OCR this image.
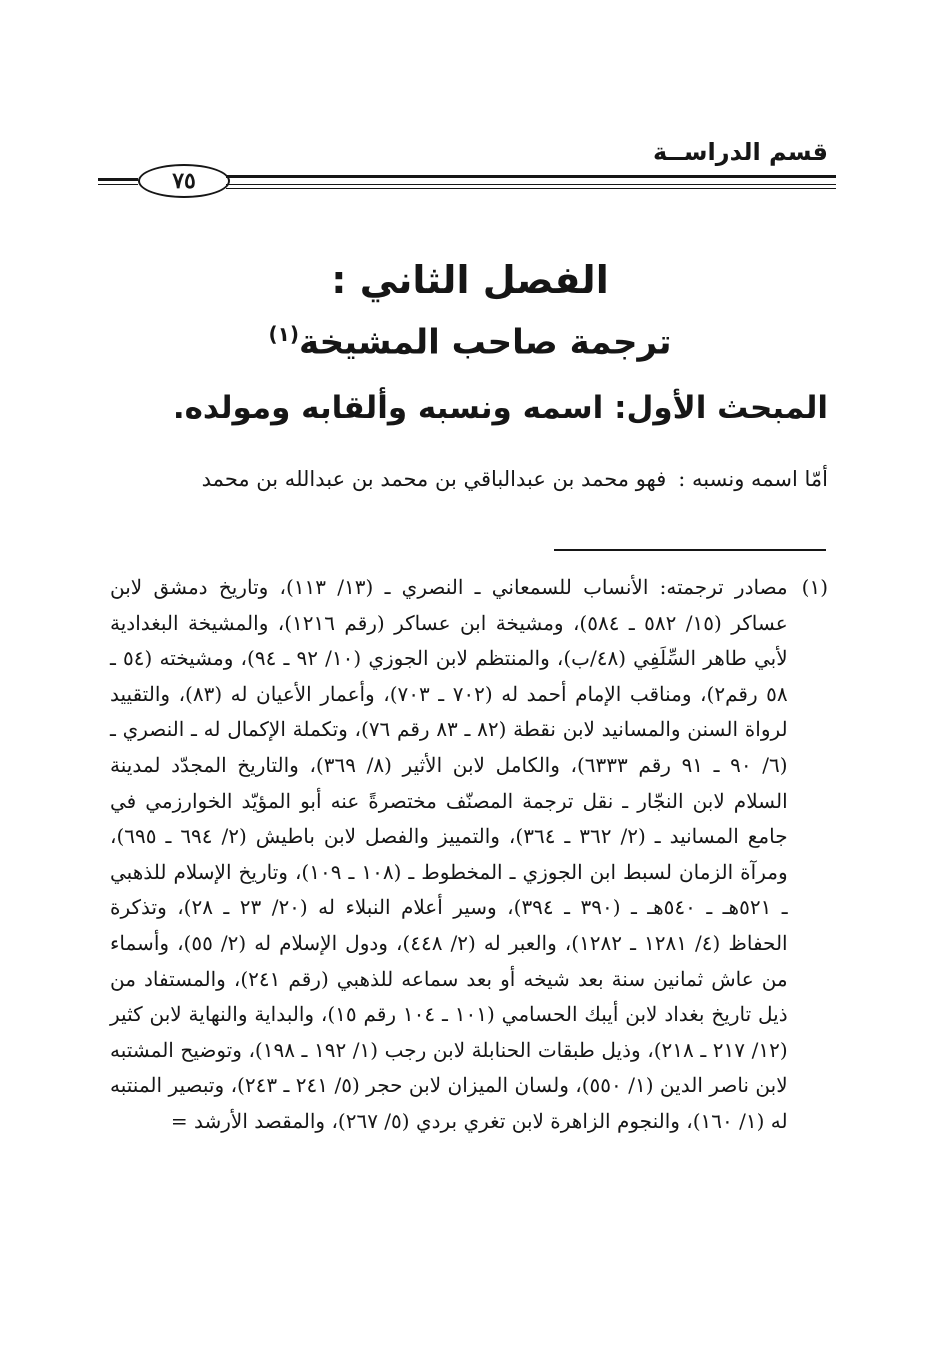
قسم الدراســة
٧٥
الفصل الثاني :
ترجمة صاحب المشيخة$^{(١)}$
المبحث الأول: اسمه ونسبه وألقابه ومولده.
أمّا اسمه ونسبه :
فهو محمد بن عبدالباقي بن محمد بن عبدالله بن محمد
(١)
مصادر ترجمته: الأنساب للسمعاني ـ النصري ـ (١٣/ ١١٣)، وتاريخ دمشق لابن عساكر (١٥/ ٥٨٢ ـ ٥٨٤)، ومشيخة ابن عساكر (رقم ١٢١٦)، والمشيخة البغدادية لأبي طاهر السِّلَفِي (٤٨/ب)، والمنتظم لابن الجوزي (١٠/ ٩٢ ـ ٩٤)، ومشيخته (٥٤ ـ ٥٨ رقم٢)، ومناقب الإمام أحمد له (٧٠٢ ـ ٧٠٣)، وأعمار الأعيان له (٨٣)، والتقييد لرواة السنن والمسانيد لابن نقطة (٨٢ ـ ٨٣ رقم ٧٦)، وتكملة الإكمال له ـ النصري ـ (٦/ ٩٠ ـ ٩١ رقم ٦٣٣٣)، والكامل لابن الأثير (٨/ ٣٦٩)، والتاريخ المجدّد لمدينة السلام لابن النجّار ـ نقل ترجمة المصنّف مختصرةً عنه أبو المؤيّد الخوارزمي في جامع المسانيد ـ (٢/ ٣٦٢ ـ ٣٦٤)، والتمييز والفصل لابن باطيش (٢/ ٦٩٤ ـ ٦٩٥)، ومرآة الزمان لسبط ابن الجوزي ـ المخطوط ـ (١٠٨ ـ ١٠٩)، وتاريخ الإسلام للذهبي ـ ٥٢١هـ ـ ٥٤٠هـ ـ (٣٩٠ ـ ٣٩٤)، وسير أعلام النبلاء له (٢٠/ ٢٣ ـ ٢٨)، وتذكرة الحفاظ (٤/ ١٢٨١ ـ ١٢٨٢)، والعبر له (٢/ ٤٤٨)، ودول الإسلام له (٢/ ٥٥)، وأسماء من عاش ثمانين سنة بعد شيخه أو بعد سماعه للذهبي (رقم ٢٤١)، والمستفاد من ذيل تاريخ بغداد لابن أيبك الحسامي (١٠١ ـ ١٠٤ رقم ١٥)، والبداية والنهاية لابن كثير (١٢/ ٢١٧ ـ ٢١٨)، وذيل طبقات الحنابلة لابن رجب (١/ ١٩٢ ـ ١٩٨)، وتوضيح المشتبه لابن ناصر الدين (١/ ٥٥٠)، ولسان الميزان لابن حجر (٥/ ٢٤١ ـ ٢٤٣)، وتبصير المنتبه له (١/ ١٦٠)، والنجوم الزاهرة لابن تغري بردي (٥/ ٢٦٧)، والمقصد الأرشد =
